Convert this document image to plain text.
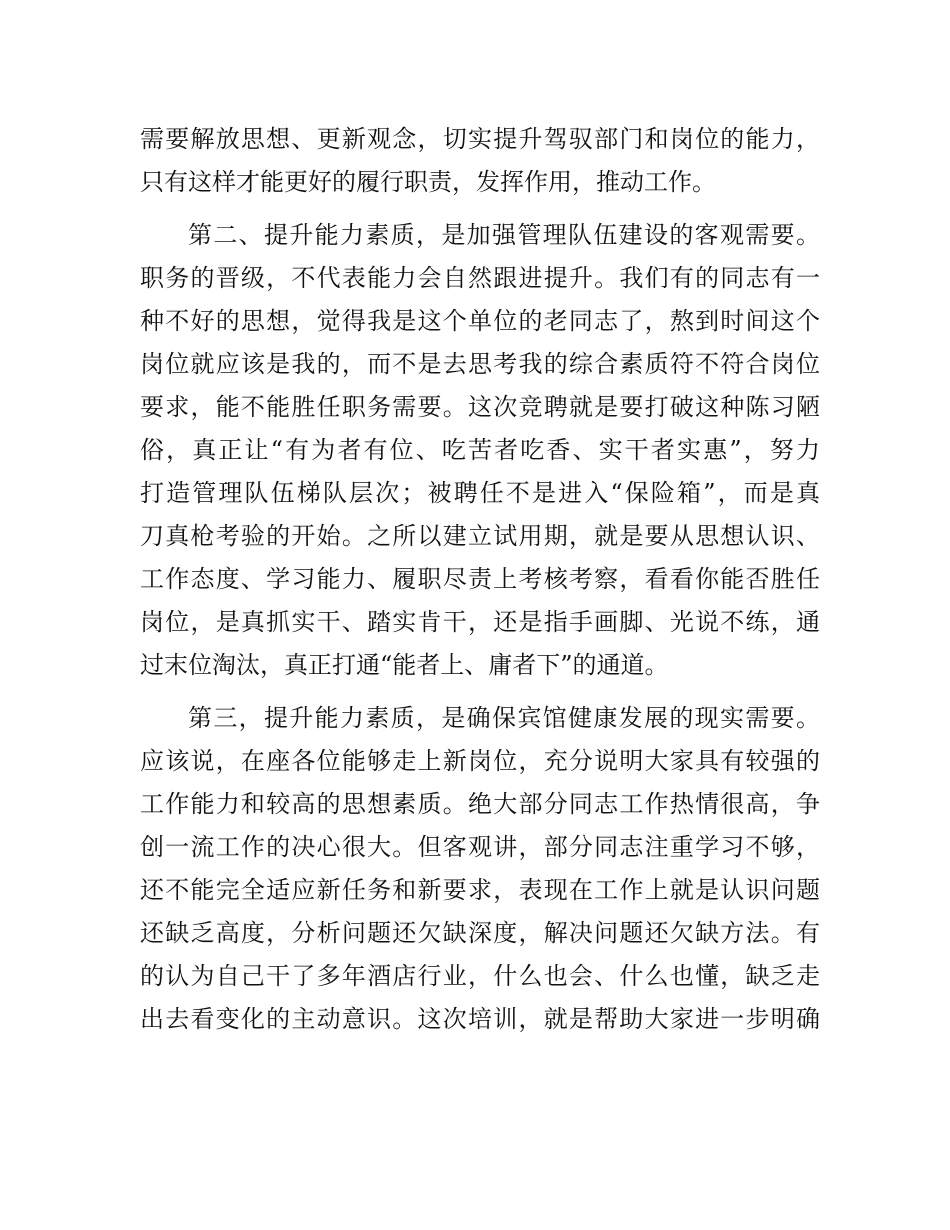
需要解放思想、更新观念，切实提升驾驭部门和岗位的能力，
只有这样才能更好的履行职责，发挥作用，推动工作。
第二、提升能力素质，是加强管理队伍建设的客观需要。
职务的晋级，不代表能力会自然跟进提升。我们有的同志有一
种不好的思想，觉得我是这个单位的老同志了，熬到时间这个
岗位就应该是我的，而不是去思考我的综合素质符不符合岗位
要求，能不能胜任职务需要。这次竞聘就是要打破这种陈习陋
俗，真正让“有为者有位、吃苦者吃香、实干者实惠”，努力
打造管理队伍梯队层次；被聘任不是进入“保险箱”，而是真
刀真枪考验的开始。之所以建立试用期，就是要从思想认识、
工作态度、学习能力、履职尽责上考核考察，看看你能否胜任
岗位，是真抓实干、踏实肯干，还是指手画脚、光说不练，通
过末位淘汰，真正打通“能者上、庸者下”的通道。
第三，提升能力素质，是确保宾馆健康发展的现实需要。
应该说，在座各位能够走上新岗位，充分说明大家具有较强的
工作能力和较高的思想素质。绝大部分同志工作热情很高，争
创一流工作的决心很大。但客观讲，部分同志注重学习不够，
还不能完全适应新任务和新要求，表现在工作上就是认识问题
还缺乏高度，分析问题还欠缺深度，解决问题还欠缺方法。有
的认为自己干了多年酒店行业，什么也会、什么也懂，缺乏走
出去看变化的主动意识。这次培训，就是帮助大家进一步明确
